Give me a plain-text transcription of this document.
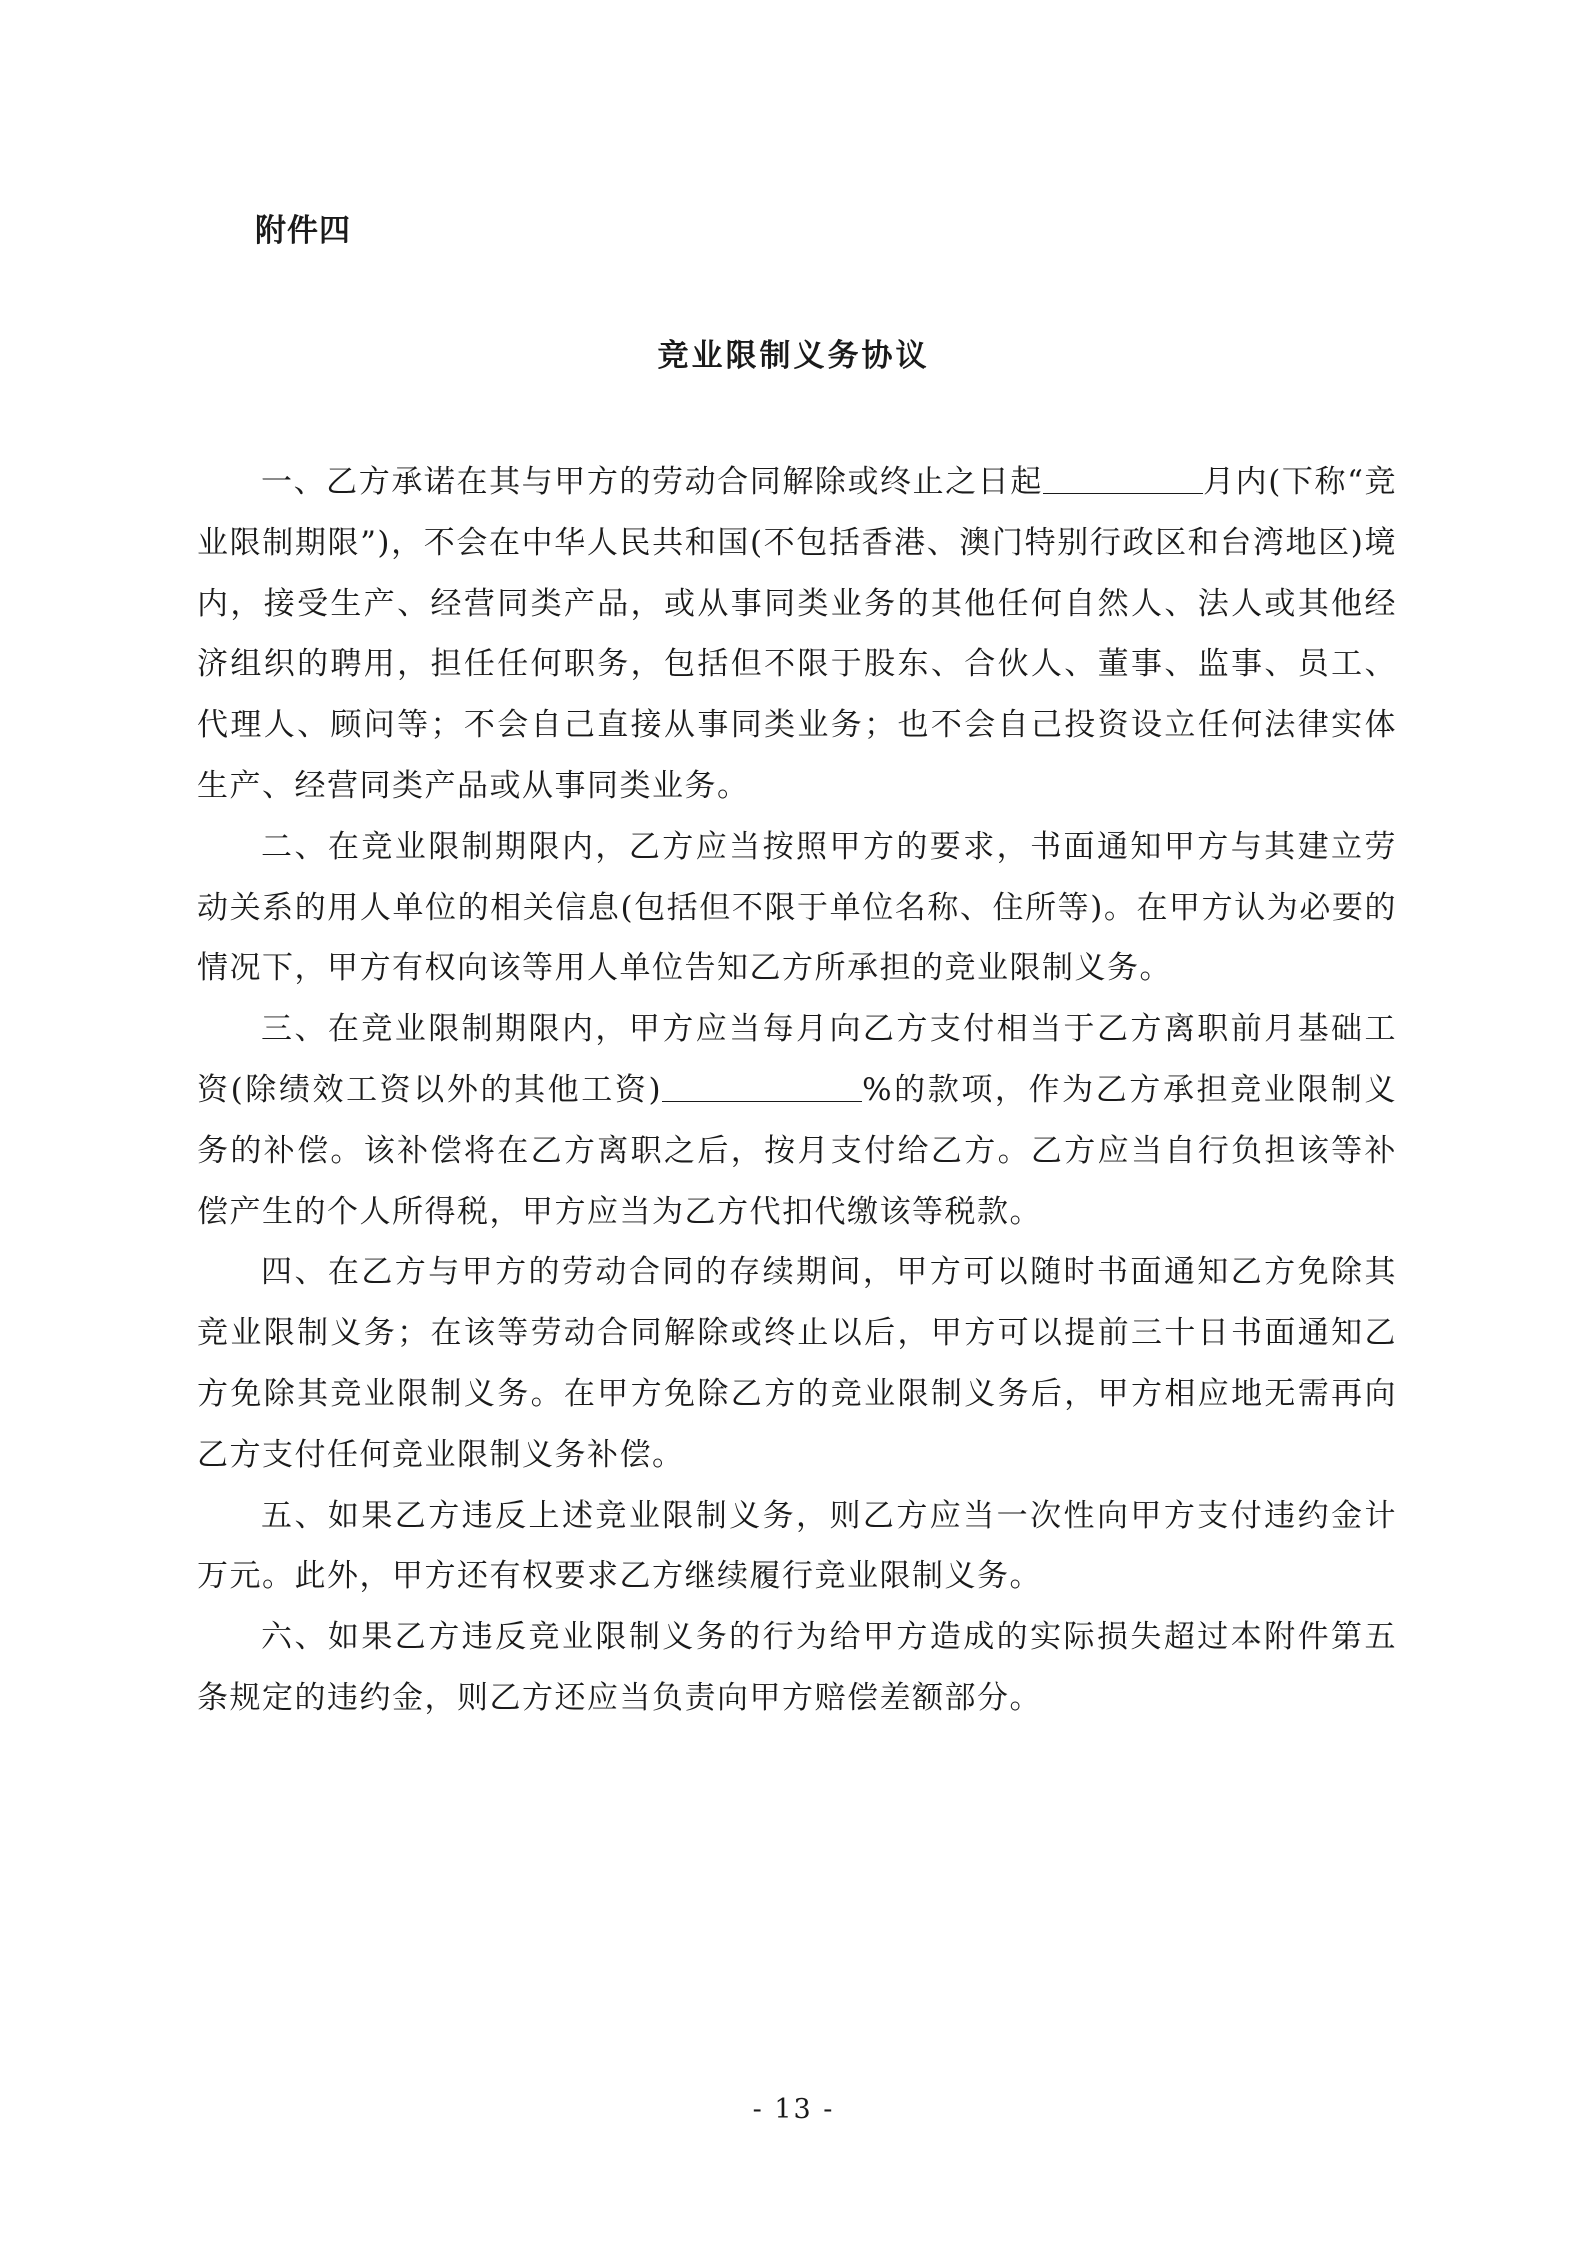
附件四
竞业限制义务协议

一、乙方承诺在其与甲方的劳动合同解除或终止之日起	月内(下称“竞业限制期限”)，不会在中华人民共和国(不包括香港、澳门特别行政区和台湾地区)境内，接受生产、经营同类产品，或从事同类业务的其他任何自然人、法人或其他经济组织的聘用，担任任何职务，包括但不限于股东、合伙人、董事、监事、员工、代理人、顾问等；不会自己直接从事同类业务；也不会自己投资设立任何法律实体生产、经营同类产品或从事同类业务。

二、在竞业限制期限内，乙方应当按照甲方的要求，书面通知甲方与其建立劳动关系的用人单位的相关信息(包括但不限于单位名称、住所等)。在甲方认为必要的情况下，甲方有权向该等用人单位告知乙方所承担的竞业限制义务。

三、在竞业限制期限内，甲方应当每月向乙方支付相当于乙方离职前月基础工资(除绩效工资以外的其他工资)	%的款项，作为乙方承担竞业限制义务的补偿。该补偿将在乙方离职之后，按月支付给乙方。乙方应当自行负担该等补偿产生的个人所得税，甲方应当为乙方代扣代缴该等税款。

四、在乙方与甲方的劳动合同的存续期间，甲方可以随时书面通知乙方免除其竞业限制义务；在该等劳动合同解除或终止以后，甲方可以提前三十日书面通知乙方免除其竞业限制义务。在甲方免除乙方的竞业限制义务后，甲方相应地无需再向乙方支付任何竞业限制义务补偿。

五、如果乙方违反上述竞业限制义务，则乙方应当一次性向甲方支付违约金计万元。此外，甲方还有权要求乙方继续履行竞业限制义务。

六、如果乙方违反竞业限制义务的行为给甲方造成的实际损失超过本附件第五条规定的违约金，则乙方还应当负责向甲方赔偿差额部分。

- 13 -
